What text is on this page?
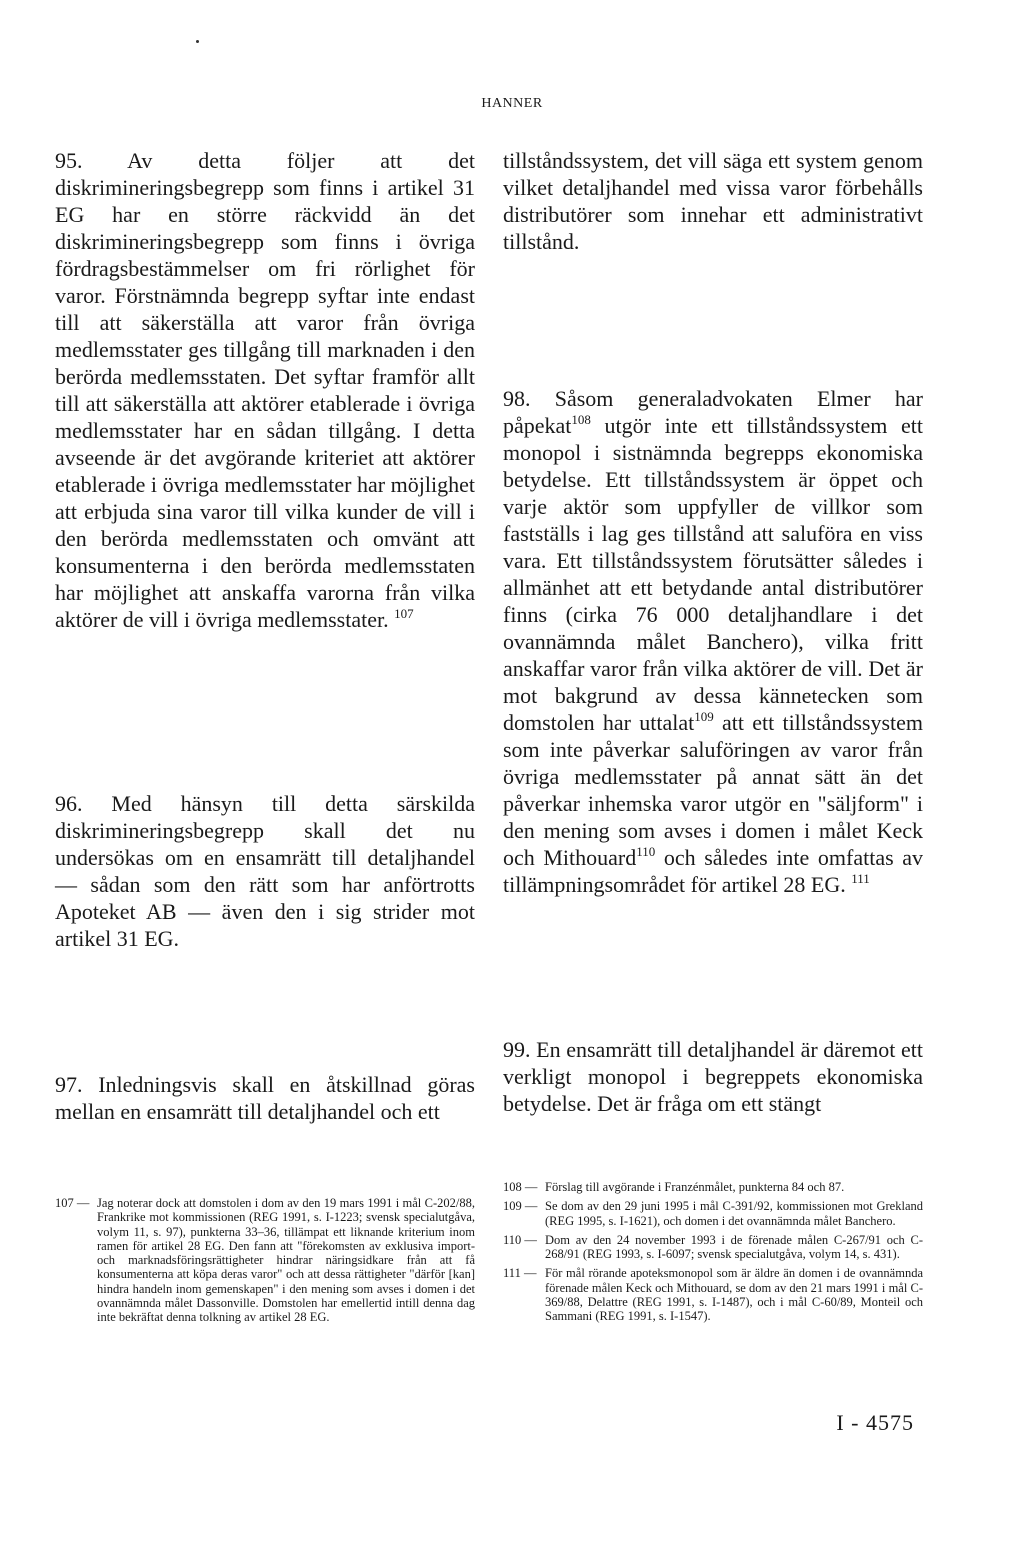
HANNER

95. Av detta följer att det diskrimineringsbegrepp som finns i artikel 31 EG har en större räckvidd än det diskrimineringsbegrepp som finns i övriga fördragsbestämmelser om fri rörlighet för varor. Förstnämnda begrepp syftar inte endast till att säkerställa att varor från övriga medlemsstater ges tillgång till marknaden i den berörda medlemsstaten. Det syftar framför allt till att säkerställa att aktörer etablerade i övriga medlemsstater har en sådan tillgång. I detta avseende är det avgörande kriteriet att aktörer etablerade i övriga medlemsstater har möjlighet att erbjuda sina varor till vilka kunder de vill i den berörda medlemsstaten och omvänt att konsumenterna i den berörda medlemsstaten har möjlighet att anskaffa varorna från vilka aktörer de vill i övriga medlemsstater. $^{107}$

96. Med hänsyn till detta särskilda diskrimineringsbegrepp skall det nu undersökas om en ensamrätt till detaljhandel — sådan som den rätt som har anförtrotts Apoteket AB — även den i sig strider mot artikel 31 EG.

97. Inledningsvis skall en åtskillnad göras mellan en ensamrätt till detaljhandel och ett

tillståndssystem, det vill säga ett system genom vilket detaljhandel med vissa varor förbehålls distributörer som innehar ett administrativt tillstånd.

98. Såsom generaladvokaten Elmer har påpekat$^{108}$ utgör inte ett tillståndssystem ett monopol i sistnämnda begrepps ekonomiska betydelse. Ett tillståndssystem är öppet och varje aktör som uppfyller de villkor som fastställs i lag ges tillstånd att saluföra en viss vara. Ett tillståndssystem förutsätter således i allmänhet att ett betydande antal distributörer finns (cirka 76 000 detaljhandlare i det ovannämnda målet Banchero), vilka fritt anskaffar varor från vilka aktörer de vill. Det är mot bakgrund av dessa kännetecken som domstolen har uttalat$^{109}$ att ett tillståndssystem som inte påverkar saluföringen av varor från övriga medlemsstater på annat sätt än det påverkar inhemska varor utgör en "säljform" i den mening som avses i domen i målet Keck och Mithouard$^{110}$ och således inte omfattas av tillämpningsområdet för artikel 28 EG. $^{111}$

99. En ensamrätt till detaljhandel är däremot ett verkligt monopol i begreppets ekonomiska betydelse. Det är fråga om ett stängt

107 — Jag noterar dock att domstolen i dom av den 19 mars 1991 i mål C-202/88, Frankrike mot kommissionen (REG 1991, s. I-1223; svensk specialutgåva, volym 11, s. 97), punkterna 33–36, tillämpat ett liknande kriterium inom ramen för artikel 28 EG. Den fann att "förekomsten av exklusiva import- och marknadsföringsrättigheter hindrar näringsidkare från att få konsumenterna att köpa deras varor" och att dessa rättigheter "därför [kan] hindra handeln inom gemenskapen" i den mening som avses i domen i det ovannämnda målet Dassonville. Domstolen har emellertid intill denna dag inte bekräftat denna tolkning av artikel 28 EG.
108 — Förslag till avgörande i Franzénmålet, punkterna 84 och 87.
109 — Se dom av den 29 juni 1995 i mål C-391/92, kommissionen mot Grekland (REG 1995, s. I-1621), och domen i det ovannämnda målet Banchero.
110 — Dom av den 24 november 1993 i de förenade målen C-267/91 och C-268/91 (REG 1993, s. I-6097; svensk specialutgåva, volym 14, s. 431).
111 — För mål rörande apoteksmonopol som är äldre än domen i de ovannämnda förenade målen Keck och Mithouard, se dom av den 21 mars 1991 i mål C-369/88, Delattre (REG 1991, s. I-1487), och i mål C-60/89, Monteil och Sammani (REG 1991, s. I-1547).
I - 4575
